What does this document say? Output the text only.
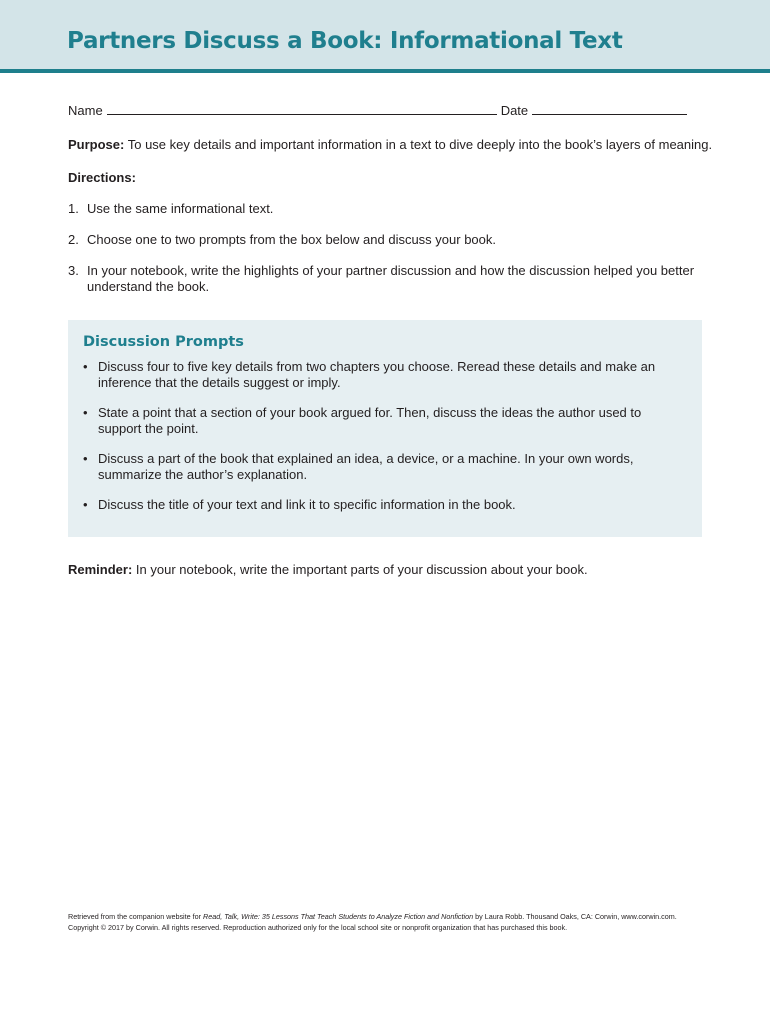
Partners Discuss a Book: Informational Text
Name	Date
Purpose: To use key details and important information in a text to dive deeply into the book’s layers of meaning.
Directions:
1. Use the same informational text.
2. Choose one to two prompts from the box below and discuss your book.
3. In your notebook, write the highlights of your partner discussion and how the discussion helped you better understand the book.
Discussion Prompts
• Discuss four to five key details from two chapters you choose. Reread these details and make an inference that the details suggest or imply.
• State a point that a section of your book argued for. Then, discuss the ideas the author used to support the point.
• Discuss a part of the book that explained an idea, a device, or a machine. In your own words, summarize the author’s explanation.
• Discuss the title of your text and link it to specific information in the book.
Reminder: In your notebook, write the important parts of your discussion about your book.
Retrieved from the companion website for Read, Talk, Write: 35 Lessons That Teach Students to Analyze Fiction and Nonfiction by Laura Robb. Thousand Oaks, CA: Corwin, www.corwin.com. Copyright © 2017 by Corwin. All rights reserved. Reproduction authorized only for the local school site or nonprofit organization that has purchased this book.
